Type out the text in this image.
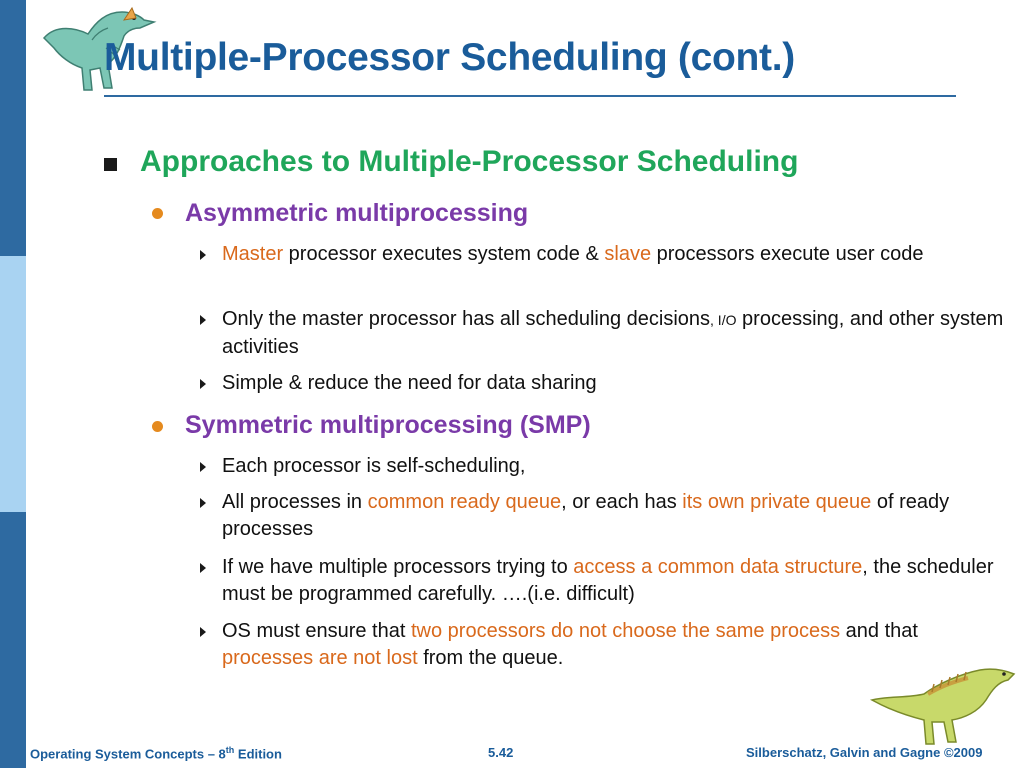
Multiple-Processor Scheduling (cont.)
Approaches to Multiple-Processor Scheduling
Asymmetric multiprocessing
Master processor executes system code & slave processors execute user code
Only the master processor has all scheduling decisions, I/O processing, and other system activities
Simple & reduce the need for data sharing
Symmetric multiprocessing (SMP)
Each processor is self-scheduling,
All processes in common ready queue, or each has its own private queue of ready processes
If we have multiple processors trying to access a common data structure, the scheduler must be programmed carefully. ….(i.e. difficult)
OS must ensure that two processors do not choose the same process and that processes are not lost from the queue.
Operating System Concepts – 8th Edition	5.42	Silberschatz, Galvin and Gagne ©2009
